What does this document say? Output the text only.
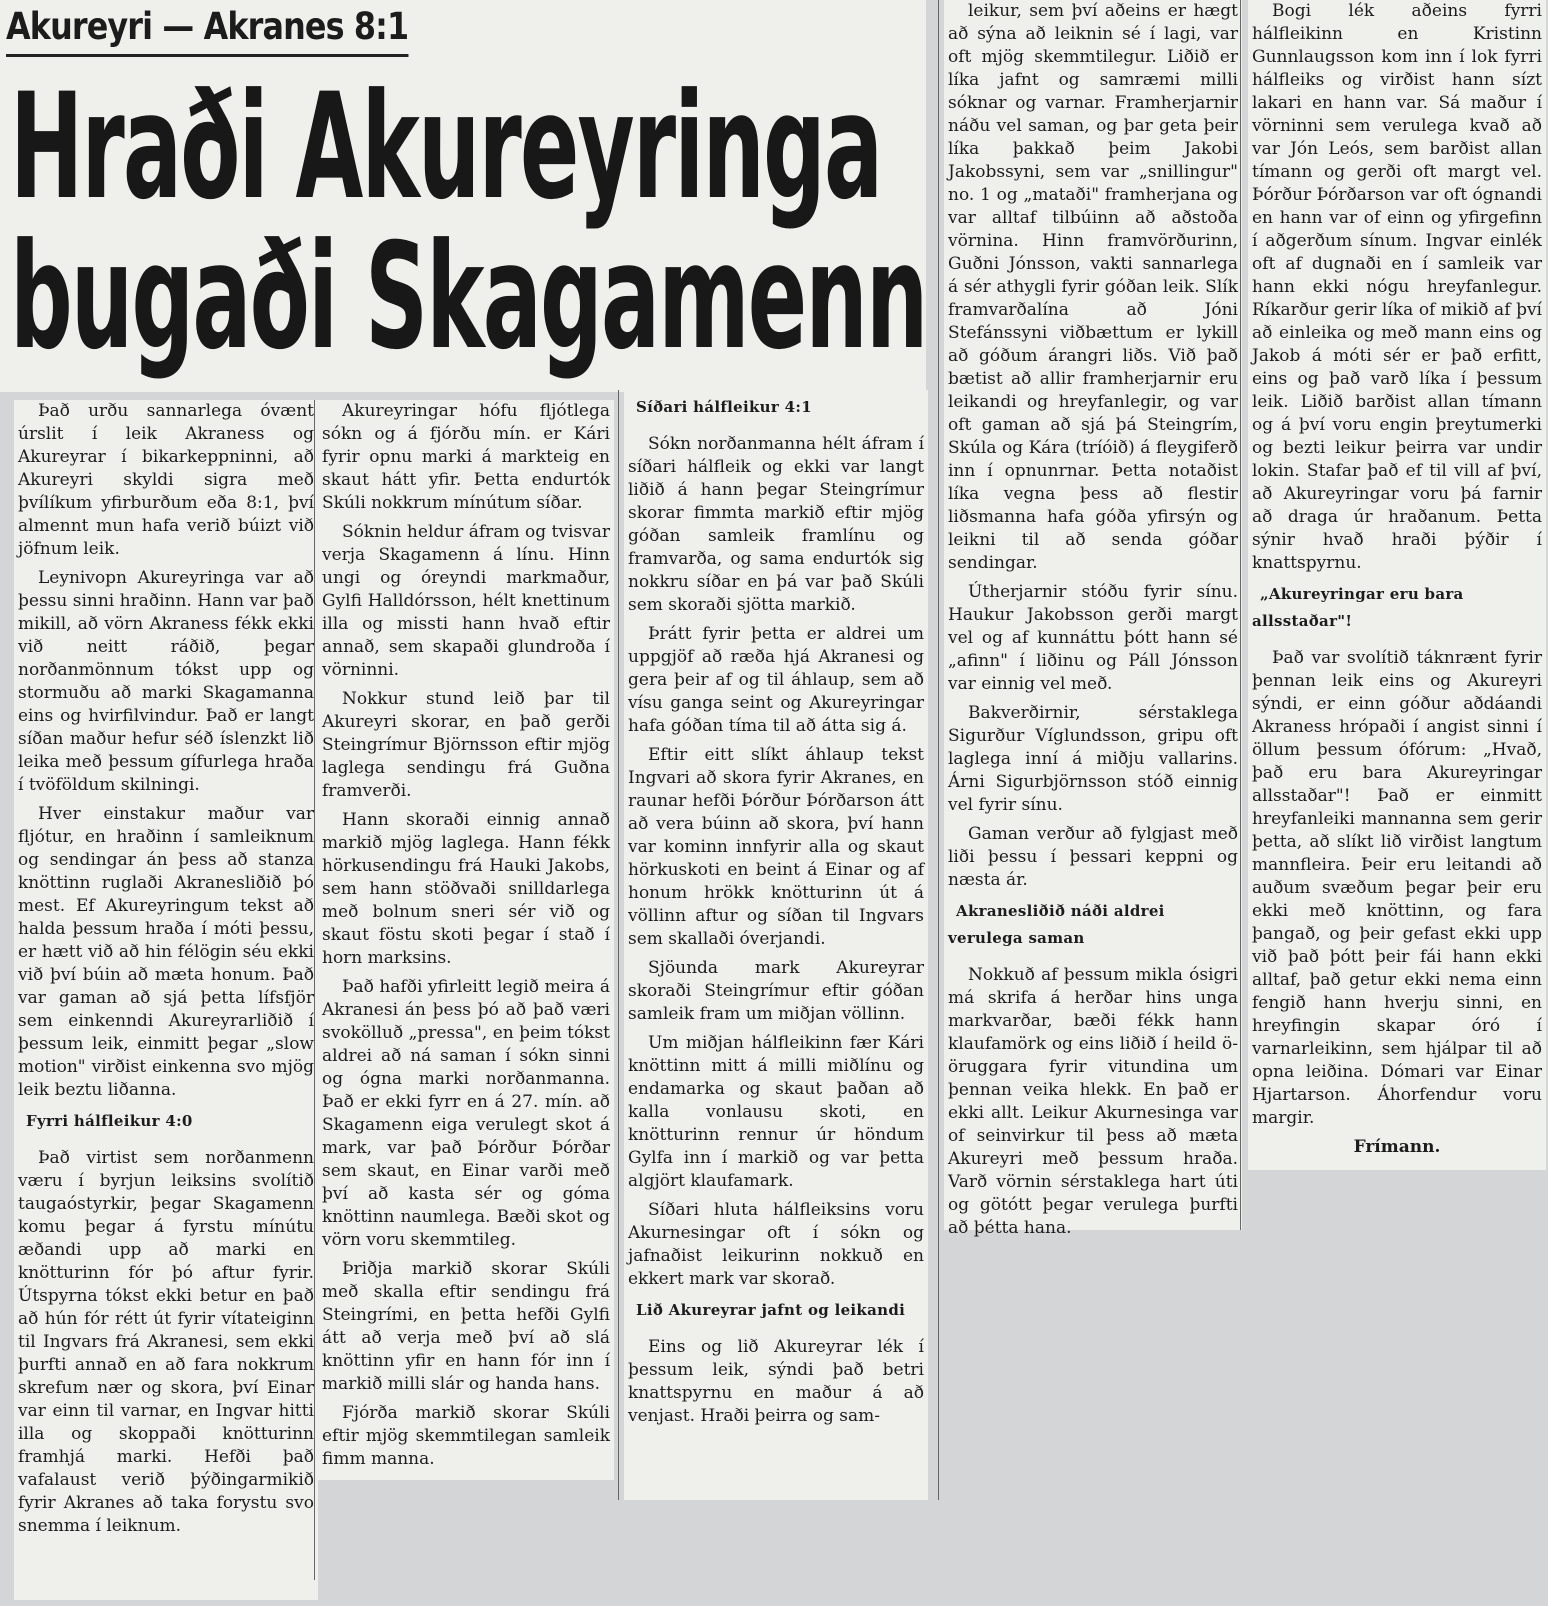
Akureyri — Akranes 8:1
Hraði Akureyringa
bugaði Skagamenn

Það urðu sannarlega óvænt úrslit í leik Akraness og Akureyrar í bikarkeppninni, að Akureyri skyldi sigra með þvílíkum yfirburðum eða 8:1, því almennt mun hafa verið búizt við jöfnum leik.

Leynivopn Akureyringa var að þessu sinni hraðinn. Hann var það mikill, að vörn Akraness fékk ekki við neitt ráðið, þegar norðanmönnum tókst upp og stormuðu að marki Skagamanna eins og hvirfilvindur. Það er langt síðan maður hefur séð íslenzkt lið leika með þessum gífurlega hraða í tvöföldum skilningi.

Hver einstakur maður var fljótur, en hraðinn í samleiknum og sendingar án þess að stanza knöttinn ruglaði Akranesliðið þó mest. Ef Akureyringum tekst að halda þessum hraða í móti þessu, er hætt við að hin félögin séu ekki við því búin að mæta honum. Það var gaman að sjá þetta lífsfjör sem einkenndi Akureyrarliðið í þessum leik, einmitt þegar „slow motion" virðist einkenna svo mjög leik beztu liðanna.

Fyrri hálfleikur 4:0

Það virtist sem norðanmenn væru í byrjun leiksins svolítið taugaóstyrkir, þegar Skagamenn komu þegar á fyrstu mínútu æðandi upp að marki en knötturinn fór þó aftur fyrir. Útspyrna tókst ekki betur en það að hún fór rétt út fyrir vítateiginn til Ingvars frá Akranesi, sem ekki þurfti annað en að fara nokkrum skrefum nær og skora, því Einar var einn til varnar, en Ingvar hitti illa og skoppaði knötturinn framhjá marki. Hefði það vafalaust verið þýðingarmikið fyrir Akranes að taka forystu svo snemma í leiknum.

Akureyringar hófu fljótlega sókn og á fjórðu mín. er Kári fyrir opnu marki á markteig en skaut hátt yfir. Þetta endurtók Skúli nokkrum mínútum síðar.

Sóknin heldur áfram og tvisvar verja Skagamenn á línu. Hinn ungi og óreyndi markmaður, Gylfi Halldórsson, hélt knettinum illa og missti hann hvað eftir annað, sem skapaði glundroða í vörninni.

Nokkur stund leið þar til Akureyri skorar, en það gerði Steingrímur Björnsson eftir mjög laglega sendingu frá Guðna framverði.

Hann skoraði einnig annað markið mjög laglega. Hann fékk hörkusendingu frá Hauki Jakobs, sem hann stöðvaði snilldarlega með bolnum sneri sér við og skaut föstu skoti þegar í stað í horn marksins.

Það hafði yfirleitt legið meira á Akranesi án þess þó að það væri svokölluð „pressa", en þeim tókst aldrei að ná saman í sókn sinni og ógna marki norðanmanna. Það er ekki fyrr en á 27. mín. að Skagamenn eiga verulegt skot á mark, var það Þórður Þórðar sem skaut, en Einar varði með því að kasta sér og góma knöttinn naumlega. Bæði skot og vörn voru skemmtileg.

Þriðja markið skorar Skúli með skalla eftir sendingu frá Steingrími, en þetta hefði Gylfi átt að verja með því að slá knöttinn yfir en hann fór inn í markið milli slár og handa hans.

Fjórða markið skorar Skúli eftir mjög skemmtilegan samleik fimm manna.

Síðari hálfleikur 4:1

Sókn norðanmanna hélt áfram í síðari hálfleik og ekki var langt liðið á hann þegar Steingrímur skorar fimmta markið eftir mjög góðan samleik framlínu og framvarða, og sama endurtók sig nokkru síðar en þá var það Skúli sem skoraði sjötta markið.

Þrátt fyrir þetta er aldrei um uppgjöf að ræða hjá Akranesi og gera þeir af og til áhlaup, sem að vísu ganga seint og Akureyringar hafa góðan tíma til að átta sig á.

Eftir eitt slíkt áhlaup tekst Ingvari að skora fyrir Akranes, en raunar hefði Þórður Þórðarson átt að vera búinn að skora, því hann var kominn innfyrir alla og skaut hörkuskoti en beint á Einar og af honum hrökk knötturinn út á völlinn aftur og síðan til Ingvars sem skallaði óverjandi.

Sjöunda mark Akureyrar skoraði Steingrímur eftir góðan samleik fram um miðjan völlinn.

Um miðjan hálfleikinn fær Kári knöttinn mitt á milli miðlínu og endamarka og skaut þaðan að kalla vonlausu skoti, en knötturinn rennur úr höndum Gylfa inn í markið og var þetta algjört klaufamark.

Síðari hluta hálfleiksins voru Akurnesingar oft í sókn og jafnaðist leikurinn nokkuð en ekkert mark var skorað.

Lið Akureyrar jafnt og leikandi

Eins og lið Akureyrar lék í þessum leik, sýndi það betri knattspyrnu en maður á að venjast. Hraði þeirra og sam-

leikur, sem því aðeins er hægt að sýna að leiknin sé í lagi, var oft mjög skemmtilegur. Liðið er líka jafnt og samræmi milli sóknar og varnar. Framherjarnir náðu vel saman, og þar geta þeir líka þakkað þeim Jakobi Jakobssyni, sem var „snillingur" no. 1 og „mataði" framherjana og var alltaf tilbúinn að aðstoða vörnina. Hinn framvörðurinn, Guðni Jónsson, vakti sannarlega á sér athygli fyrir góðan leik. Slík framvarðalína að Jóni Stefánssyni viðbættum er lykill að góðum árangri liðs. Við það bætist að allir framherjarnir eru leikandi og hreyfanlegir, og var oft gaman að sjá þá Steingrím, Skúla og Kára (tríóið) á fleygiferð inn í opnunrnar. Þetta notaðist líka vegna þess að flestir liðsmanna hafa góða yfirsýn og leikni til að senda góðar sendingar.

Útherjarnir stóðu fyrir sínu. Haukur Jakobsson gerði margt vel og af kunnáttu þótt hann sé „afinn" í liðinu og Páll Jónsson var einnig vel með.

Bakverðirnir, sérstaklega Sigurður Víglundsson, gripu oft laglega inní á miðju vallarins. Árni Sigurbjörnsson stóð einnig vel fyrir sínu.

Gaman verður að fylgjast með liði þessu í þessari keppni og næsta ár.

Akranesliðið náði aldrei verulega saman

Nokkuð af þessum mikla ósigri má skrifa á herðar hins unga markvarðar, bæði fékk hann klaufamörk og eins liðið í heild ööruggara fyrir vitundina um þennan veika hlekk. En það er ekki allt. Leikur Akurnesinga var of seinvirkur til þess að mæta Akureyri með þessum hraða. Varð vörnin sérstaklega hart úti og götótt þegar verulega þurfti að þétta hana.

Bogi lék aðeins fyrri hálfleikinn en Kristinn Gunnlaugsson kom inn í lok fyrri hálfleiks og virðist hann sízt lakari en hann var. Sá maður í vörninni sem verulega kvað að var Jón Leós, sem barðist allan tímann og gerði oft margt vel. Þórður Þórðarson var oft ógnandi en hann var of einn og yfirgefinn í aðgerðum sínum. Ingvar einlék oft af dugnaði en í samleik var hann ekki nógu hreyfanlegur. Ríkarður gerir líka of mikið af því að einleika og með mann eins og Jakob á móti sér er það erfitt, eins og það varð líka í þessum leik. Liðið barðist allan tímann og á því voru engin þreytumerki og bezti leikur þeirra var undir lokin. Stafar það ef til vill af því, að Akureyringar voru þá farnir að draga úr hraðanum. Þetta sýnir hvað hraði þýðir í knattspyrnu.

„Akureyringar eru bara allsstaðar"!

Það var svolítið táknrænt fyrir þennan leik eins og Akureyri sýndi, er einn góður aðdáandi Akraness hrópaði í angist sinni í öllum þessum ófórum: „Hvað, það eru bara Akureyringar allsstaðar"! Það er einmitt hreyfanleiki mannanna sem gerir þetta, að slíkt lið virðist langtum mannfleira. Þeir eru leitandi að auðum svæðum þegar þeir eru ekki með knöttinn, og fara þangað, og þeir gefast ekki upp við það þótt þeir fái hann ekki alltaf, það getur ekki nema einn fengið hann hverju sinni, en hreyfingin skapar óró í varnarleikinn, sem hjálpar til að opna leiðina. Dómari var Einar Hjartarson. Áhorfendur voru margir.

Frímann.
